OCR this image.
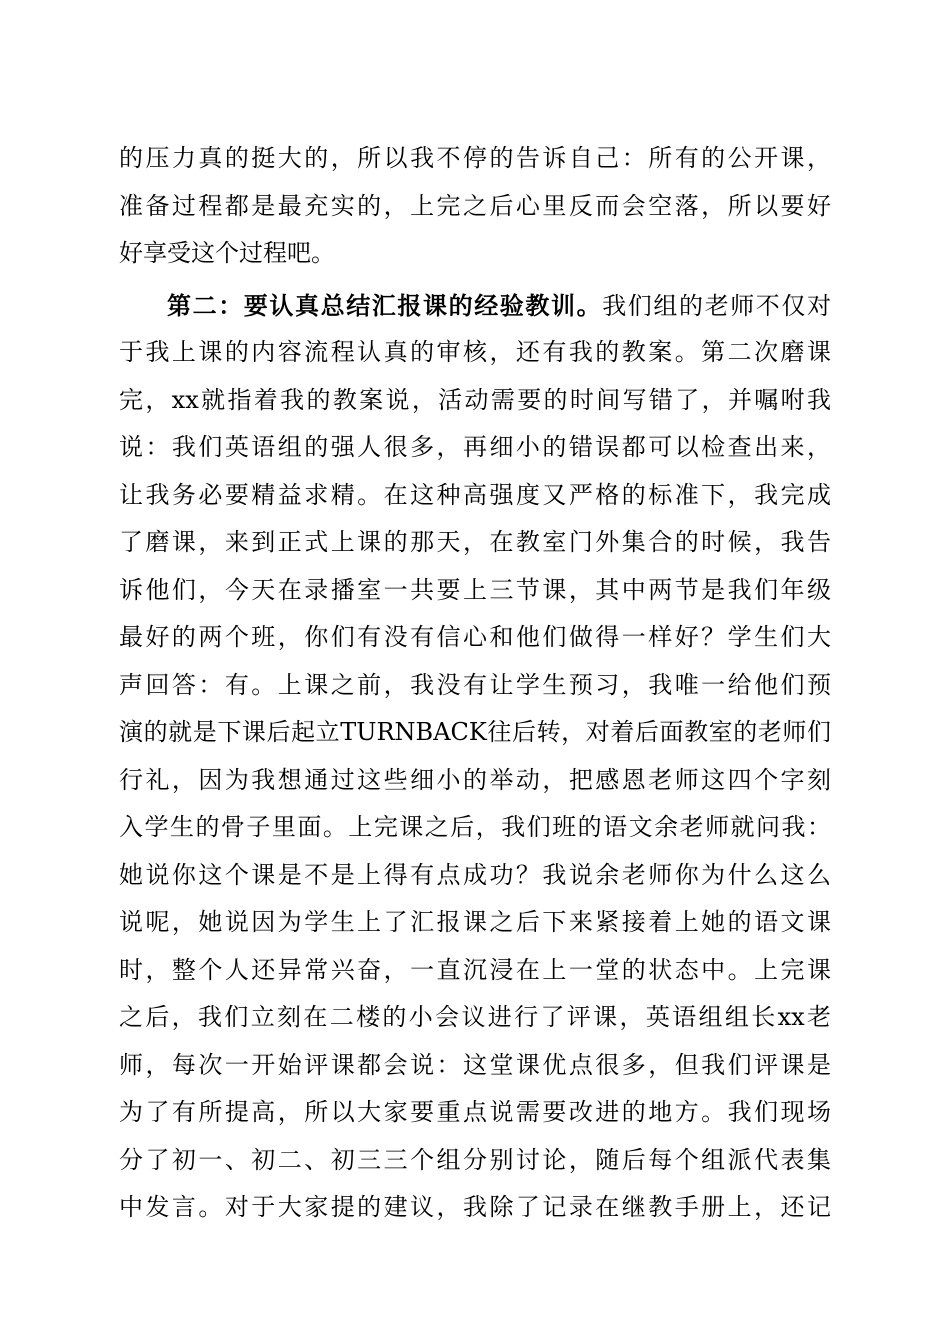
的压力真的挺大的，所以我不停的告诉自己：所有的公开课，
准备过程都是最充实的，上完之后心里反而会空落，所以要好
好享受这个过程吧。
第二：要认真总结汇报课的经验教训。我们组的老师不仅对
于我上课的内容流程认真的审核，还有我的教案。第二次磨课
完，xx就指着我的教案说，活动需要的时间写错了，并嘱咐我
说：我们英语组的强人很多，再细小的错误都可以检查出来，
让我务必要精益求精。在这种高强度又严格的标准下，我完成
了磨课，来到正式上课的那天，在教室门外集合的时候，我告
诉他们，今天在录播室一共要上三节课，其中两节是我们年级
最好的两个班，你们有没有信心和他们做得一样好？学生们大
声回答：有。上课之前，我没有让学生预习，我唯一给他们预
演的就是下课后起立TURNBACK往后转，对着后面教室的老师们
行礼，因为我想通过这些细小的举动，把感恩老师这四个字刻
入学生的骨子里面。上完课之后，我们班的语文余老师就问我：
她说你这个课是不是上得有点成功？我说余老师你为什么这么
说呢，她说因为学生上了汇报课之后下来紧接着上她的语文课
时，整个人还异常兴奋，一直沉浸在上一堂的状态中。上完课
之后，我们立刻在二楼的小会议进行了评课，英语组组长xx老
师，每次一开始评课都会说：这堂课优点很多，但我们评课是
为了有所提高，所以大家要重点说需要改进的地方。我们现场
分了初一、初二、初三三个组分别讨论，随后每个组派代表集
中发言。对于大家提的建议，我除了记录在继教手册上，还记
